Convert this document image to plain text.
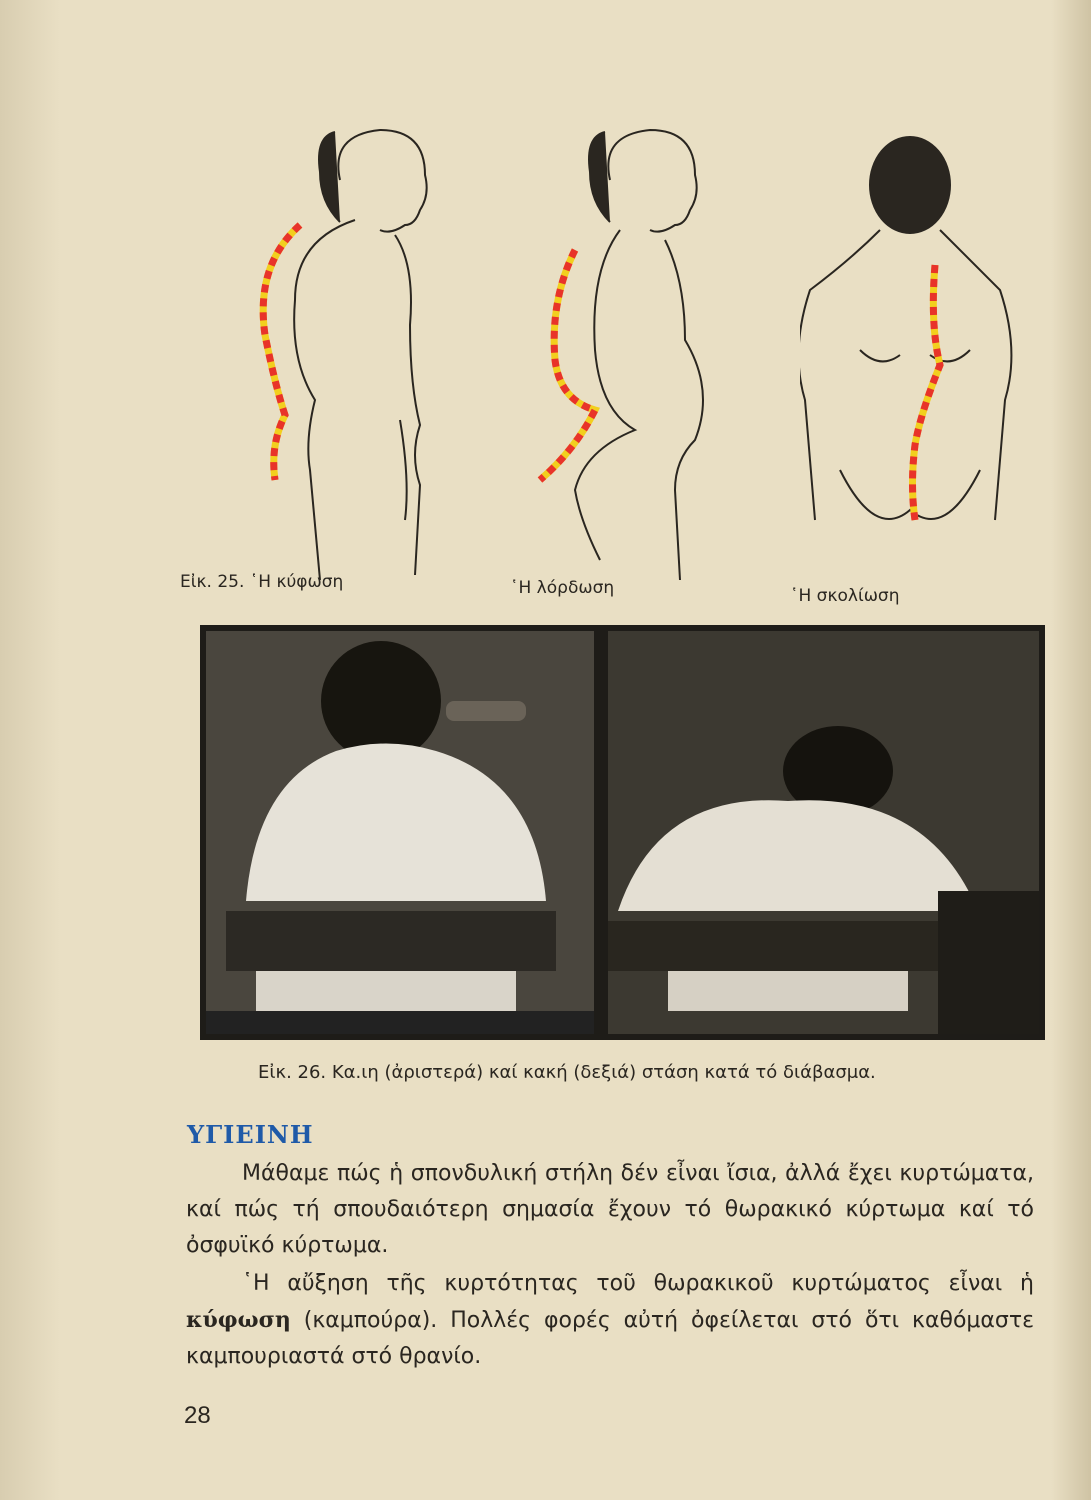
Εἰκ. 25. ῾Η κύφωση	῾Η λόρδωση	῾Η σκολίωση
Εἰκ. 26. Κα.ιη (ἀριστερά) καί κακή (δεξιά) στάση κατά τό διάβασμα.
ΥΓΙΕΙΝΗ
Μάθαμε πώς ἡ σπονδυλική στήλη δέν εἶναι ἴσια, ἀλλά ἔχει κυρτώματα, καί πώς τή σπουδαιότερη σημασία ἔχουν τό θωρακικό κύρτωμα καί τό ὀσφυϊκό κύρτωμα.
῾Η αὔξηση τῆς κυρτότητας τοῦ θωρακικοῦ κυρτώματος εἶναι ἡ κύφωση (καμπούρα). Πολλές φορές αὐτή ὀφείλεται στό ὅτι καθόμαστε καμπουριαστά στό θρανίο.
28
